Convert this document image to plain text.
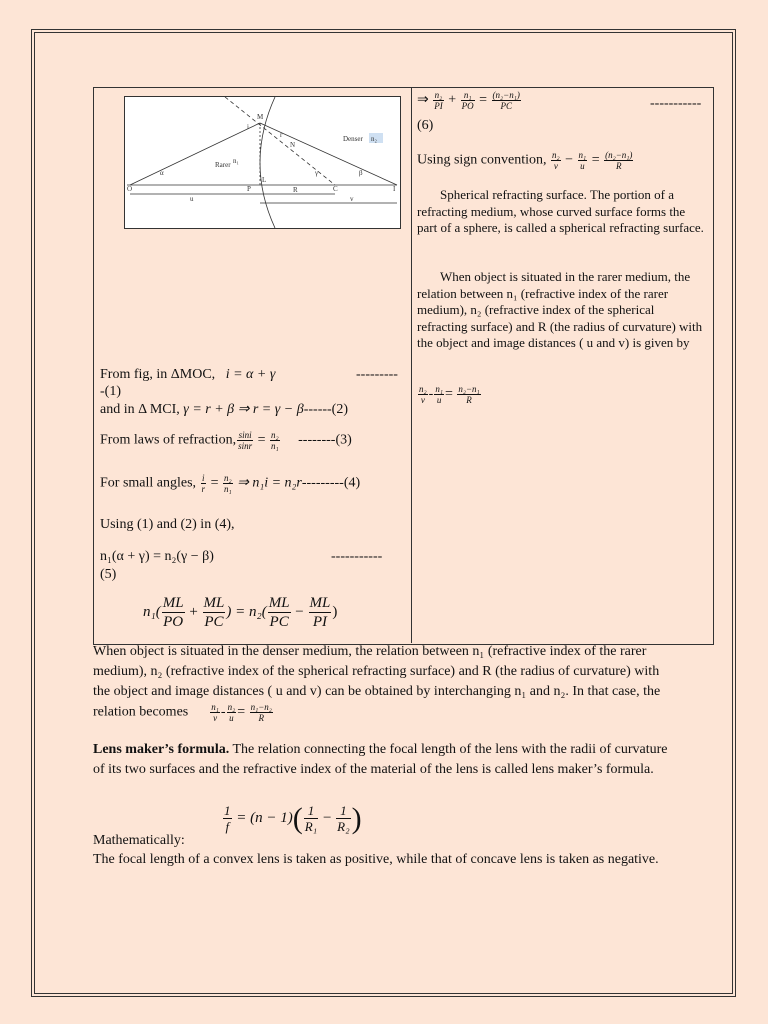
M
i
r
N
Denser n₂
Rarer n₁
α	γ	β
O	P
L
C	I
u
R
v
From fig, in ΔMOC, i = α + γ	---------
-(1)
and in Δ MCI, γ = r + β ⇒ r = γ − β------(2)
From laws of refraction, $\frac{\sin i}{\sin r} = \frac{\text{n₂}}{\text{n₁}} --------(3)$
For small angles, $\frac{i}{r} = \frac{\text{n₂}}{\text{n₁}}$ ⇒ n₁i = n₂r---------(4)
Using (1) and (2) in (4),
n₁(α + γ) = n₂(γ − β)	-----------
(5)
$n_1( \frac{ML}{PO} + \frac{ML}{PC}$ ) = $n_2( \frac{ML}{PC} - \frac{ML}{PI}$ )
⇒ $\frac{\text{n₂}}{PI} + \frac{\text{n₁}}{PO} = \frac{\text{(n₂−n₁)}}{PC}$	-----------
(6)
Using sign convention, $\frac{\text{n₂}}{v} - \frac{\text{n₁}}{u} = \frac{\text{(n₂−n₁)}}{R}$
Spherical refracting surface. The portion of a refracting medium, whose curved surface forms the part of a sphere, is called a spherical refracting surface.
When object is situated in the rarer medium, the relation between n₁ (refractive index of the rarer medium), n₂ (refractive index of the spherical refracting surface) and R (the radius of curvature) with the object and image distances ( u and v) is given by
$\frac{\text{n₂}}{v} - \frac{\text{n₁}}{u} = \frac{\text{n₂−n₁}}{R}$
When object is situated in the denser medium, the relation between n₁ (refractive index of the rarer medium), n₂ (refractive index of the spherical refracting surface) and R (the radius of curvature) with the object and image distances ( u and v) can be obtained by interchanging n₁ and n₂. In that case, the relation becomes $\frac{\text{n₁}}{v} - \frac{\text{n₂}}{u} = \frac{\text{n₁−n₂}}{R}$
Lens maker’s formula. The relation connecting the focal length of the lens with the radii of curvature of its two surfaces and the refractive index of the material of the lens is called lens maker’s formula.
$\frac{1}{f} = (n - 1)( \frac{1}{\text{R₁}} - \frac{1}{\text{R₂}}$ )
Mathematically:
The focal length of a convex lens is taken as positive, while that of concave lens is taken as negative.
